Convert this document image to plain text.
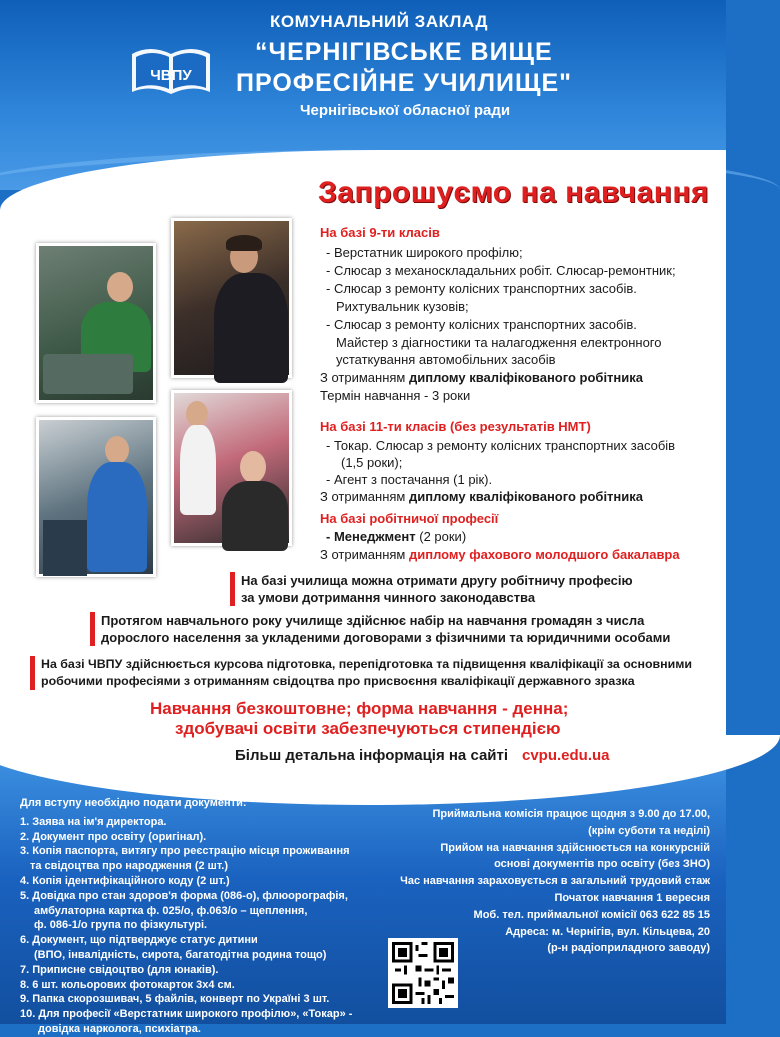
ЧВПУ
КОМУНАЛЬНИЙ ЗАКЛАД
“ЧЕРНІГІВСЬКЕ ВИЩЕ
ПРОФЕСІЙНЕ УЧИЛИЩЕ"
Чернігівської обласної ради
Запрошуємо на навчання
На базі 9-ти класів
- Верстатник широкого профілю;
- Слюсар з механоскладальних робіт. Слюсар-ремонтник;
- Слюсар з ремонту колісних транспортних засобів.
Рихтувальник кузовів;
- Слюсар з ремонту колісних транспортних засобів.
Майстер з діагностики та налагодження електронного
устаткування автомобільних засобів
З отриманням диплому кваліфікованого робітника
Термін навчання - 3 роки
На базі 11-ти класів (без результатів НМТ)
- Токар. Слюсар з ремонту колісних транспортних засобів
(1,5 роки);
- Агент з постачання (1 рік).
З отриманням диплому кваліфікованого робітника
На базі робітничої професії
- Менеджмент (2 роки)
З отриманням диплому фахового молодшого бакалавра
На базі училища можна отримати другу робітничу професію
за умови дотримання чинного законодавства
Протягом навчального року училище здійснює набір на навчання громадян з числа
дорослого населення за укладеними договорами з фізичними та юридичними особами
На базі ЧВПУ здійснюється курсова підготовка, перепідготовка та підвищення кваліфікації за основними
робочими професіями з отриманням свідоцтва про присвоєння кваліфікації державного зразка
Навчання безкоштовне; форма навчання - денна;
здобувачі освіти забезпечуються стипендією
Більш детальна інформація на сайті cvpu.edu.ua
Для вступу необхідно подати документи:
1. Заява на ім'я директора.
2. Документ про освіту (оригінал).
3. Копія паспорта, витягу про реєстрацію місця проживання
та свідоцтва про народження (2 шт.)
4. Копія ідентифікаційного коду (2 шт.)
5. Довідка про стан здоров'я форма (086-о), флюорографія,
амбулаторна картка ф. 025/о, ф.063/о – щеплення,
ф. 086-1/о група по фізкультурі.
6. Документ, що підтверджує статус дитини
(ВПО, інвалідність, сирота, багатодітна родина тощо)
7. Приписне свідоцтво (для юнаків).
8. 6 шт. кольорових фотокарток 3х4 см.
9. Папка скорозшивач, 5 файлів, конверт по Україні 3 шт.
10. Для професії «Верстатник широкого профілю», «Токар» -
довідка нарколога, психіатра.
Приймальна комісія працює щодня з 9.00 до 17.00,
(крім суботи та неділі)
Прийом на навчання здійснюється на конкурсній
основі документів про освіту (без ЗНО)
Час навчання зараховується в загальний трудовий стаж
Початок навчання 1 вересня
Моб. тел. приймальної комісії 063 622 85 15
Адреса: м. Чернігів, вул. Кільцева, 20
(р-н радіоприладного заводу)
